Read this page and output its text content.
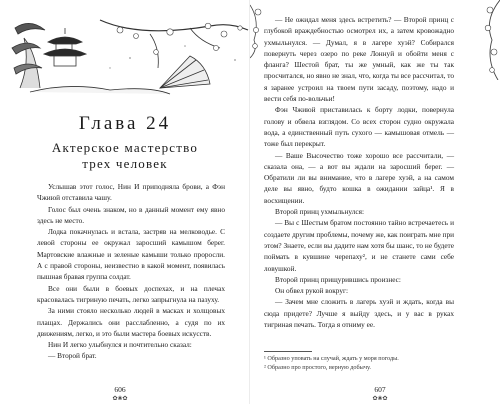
Глава 24
Актерское мастерство
трех человек

Услышав этот голос, Нин И приподняла брови, а Фэн Чжиюй отставила чашу.

Голос был очень знаком, но в данный момент ему явно здесь не место.

Лодка покачнулась и встала, застряв на мелководье. С левой стороны ее окружал заросший камышом берег. Мартовские влажные и зеленые камыши только проросли. А с правой стороны, неизвестно в какой момент, появилась пышная бравая группа солдат.

Все они были в боевых доспехах, и на плечах красовалась тигриную печать, легко запрыгнула на пазуху.

За ними стояло несколько людей в масках и холщовых плащах. Держались они расслабленно, а судя по их движениям, легко, и это были мастера боевых искусств.

Нин И легко улыбнулся и почтительно сказал:

— Второй брат.

606
✿❀✿

— Не ожидал меня здесь встретить? — Второй принц с глубокой враждебностью осмотрел их, а затем кровожадно ухмыльнулся. — Думал, я в лагере хуэй? Собирался повернуть через озеро по реке Лоннуй и обойти меня с фланга? Шестой брат, ты же умный, как же ты так просчитался, но явно не знал, что, когда ты все рассчитал, то я заранее устроил на твоем пути засаду, поэтому, надо и вести себя по-вольчьи!

Фэн Чжиюй приставилась к борту лодки, повернула голову и обвела взглядом. Со всех сторон судно окружала вода, а единственный путь сухого — камышовая отмель — тоже был перекрыт.

— Ваше Высочество тоже хорошо все рассчитали, — сказала она, — а вот вы ждали на заросший берег. — Обратили ли вы внимание, что в лагере хуэй, а на самом деле вы явно, будто кошка в ожидании зайца¹. Я в восхищении.

Второй принц ухмыльнулся:

— Вы с Шестым братом постоянно тайно встречаетесь и создаете другим проблемы, почему же, как поиграть мне при этом? Знаете, если вы дадите нам хотя бы шанс, то не будете поймать в кувшине черепаху², и не станете сами себе ловушкой.

Второй принц прищурившись произнес:

Он обвел рукой вокруг:

— Зачем мне сложить в лагерь хуэй и ждать, когда вы сюда придете? Лучше я выйду здесь, и у вас в руках тигриная печать. Тогда я отниму ее.

¹ Образно уповать на случай, ждать у моря погоды.
² Образно про простого, верную добычу.
607
✿❀✿
